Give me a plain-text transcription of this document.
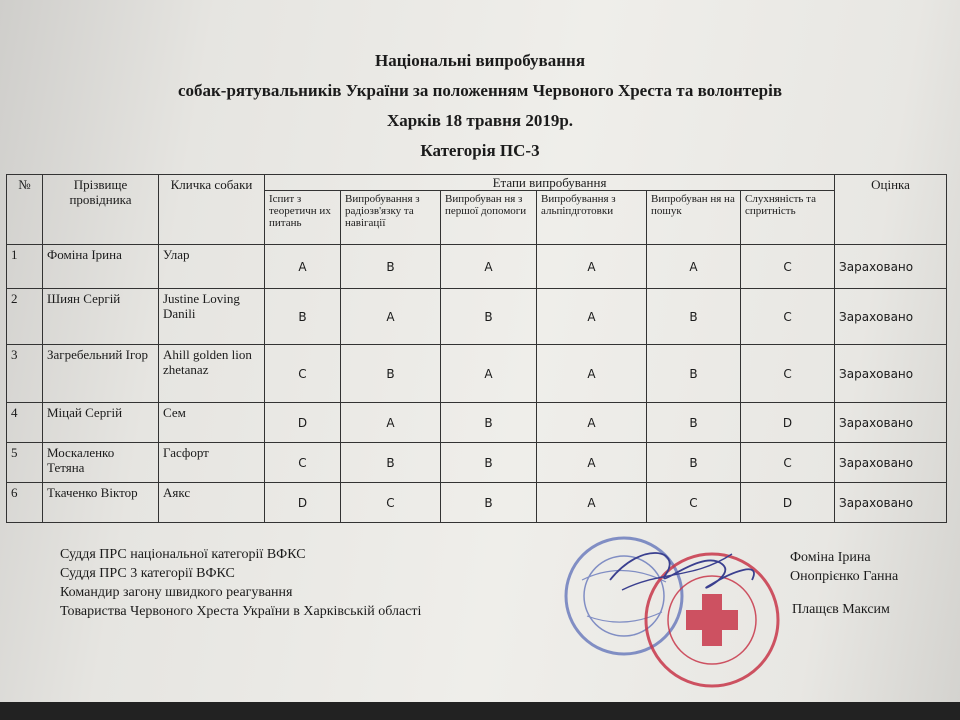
Національні випробування
собак-рятувальників України за положенням Червоного Хреста та волонтерів
Харків 18 травня 2019р.
Категорія ПС-3
№	Прізвище провідника	Кличка собаки	Етапи випробування						Оцінка
			Іспит з теоретичн их питань	Випробування з радіозв'язку та навігації	Випробуван ня з першої допомоги	Випробування з альпіпдготовки	Випробуван ня на пошук	Слухняність та спритність	
1	Фоміна Ірина	Улар	А	В	А	А	А	С	Зараховано
2	Шиян Сергій	Justine Loving Danili	В	А	В	А	В	С	Зараховано
3	Загребельний Ігор	Ahill golden lion zhetanaz	С	В	А	А	В	С	Зараховано
4	Міцай Сергій	Сем	D	А	В	А	В	D	Зараховано
5	Москаленко Тетяна	Гасфорт	С	В	В	А	В	С	Зараховано
6	Ткаченко Віктор	Аякс	D	С	В	А	С	D	Зараховано
Суддя ПРС національної категорії ВФКС
Суддя ПРС 3 категорії ВФКС
Командир загону швидкого реагування
Товариства Червоного Хреста України в Харківській області
Фоміна Ірина
Онопрієнко Ганна
Плащєв Максим
